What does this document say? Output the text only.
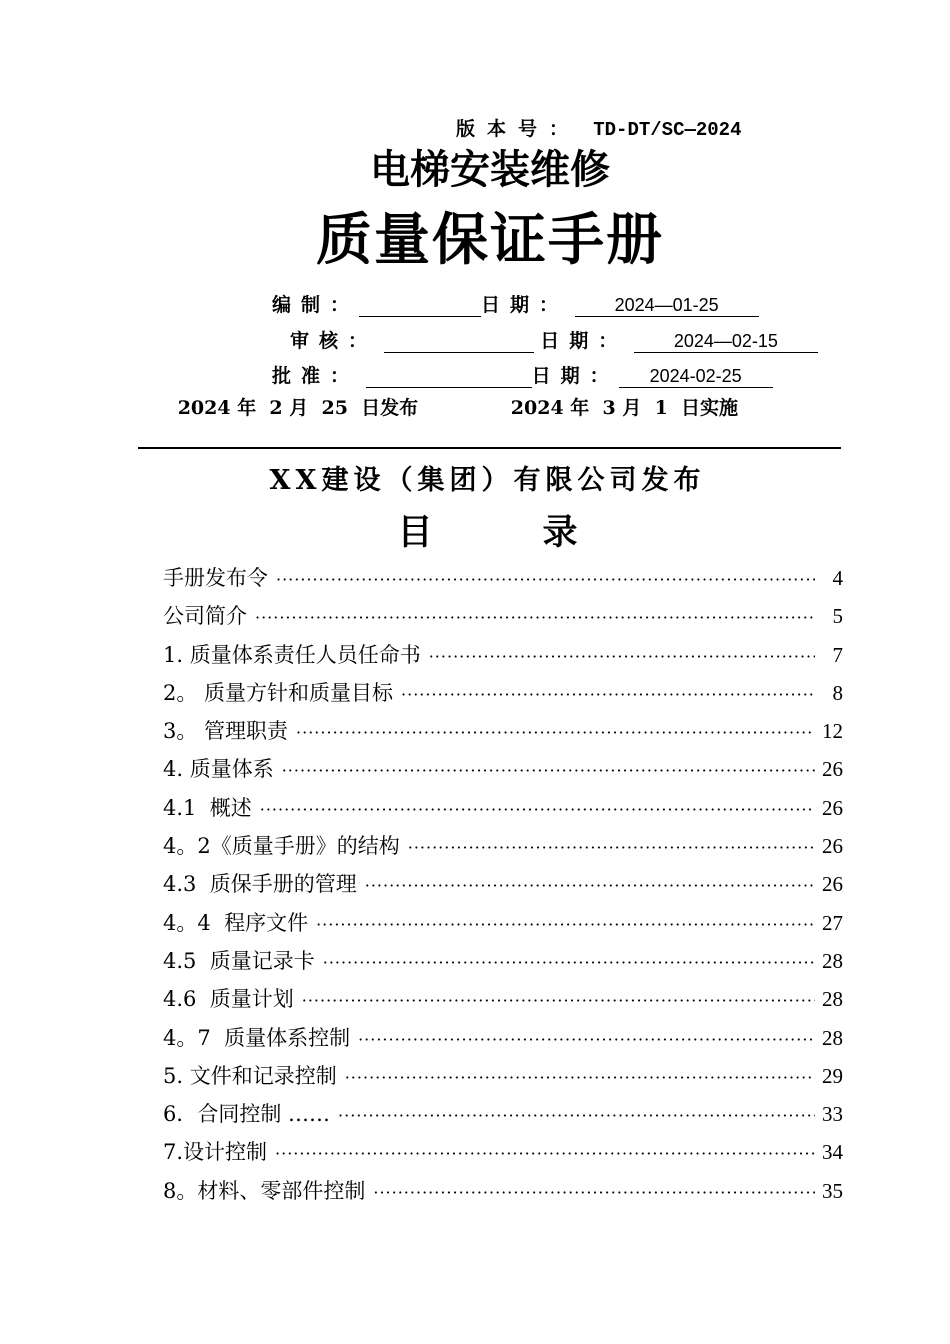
版本号： TD-DT/SC—2024
电梯安装维修
质量保证手册
编制：	日期：	2024—01-25
审核：	日期：	2024—02-15
批准：	日期： 2024-02-25
2024 年  2 月  25  日发布	2024 年  3 月  1  日实施
XX建设（集团）有限公司发布
目	录
手册发布令 ·····	4
公司简介 ·····	5
1. 质量体系责任人员任命书 ·····	7
2。 质量方针和质量目标 ·····	8
3。 管理职责 ·····	12
4. 质量体系 ·····	26
4.1  概述 ·····	26
4。2《质量手册》的结构 ·····	26
4.3  质保手册的管理 ·····	26
4。4  程序文件 ·····	27
4.5  质量记录卡 ·····	28
4.6  质量计划 ·····	28
4。7  质量体系控制 ·····	28
5. 文件和记录控制 ·····	29
6．合同控制 …… ·····	33
7.设计控制 ·····	34
8。材料、零部件控制 ·····	35
